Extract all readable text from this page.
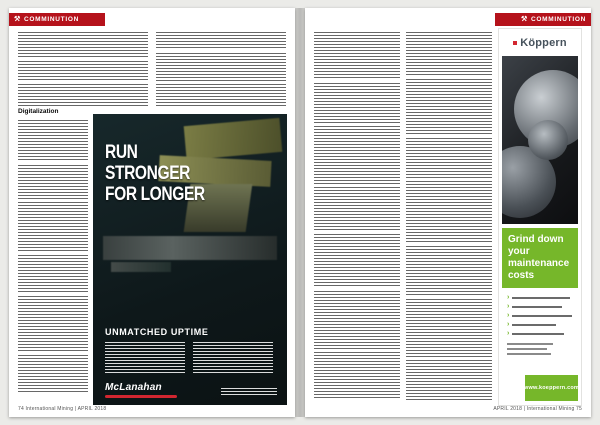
⚒ COMMINUTION
Digitalization
RUN
STRONGER
FOR LONGER
UNMATCHED UPTIME
McLanahan
74 International Mining | APRIL 2018
⚒ COMMINUTION
Köppern
Grind down your maintenance costs
›
›
›
›
›
www.koeppern.com
APRIL 2018 | International Mining 75
